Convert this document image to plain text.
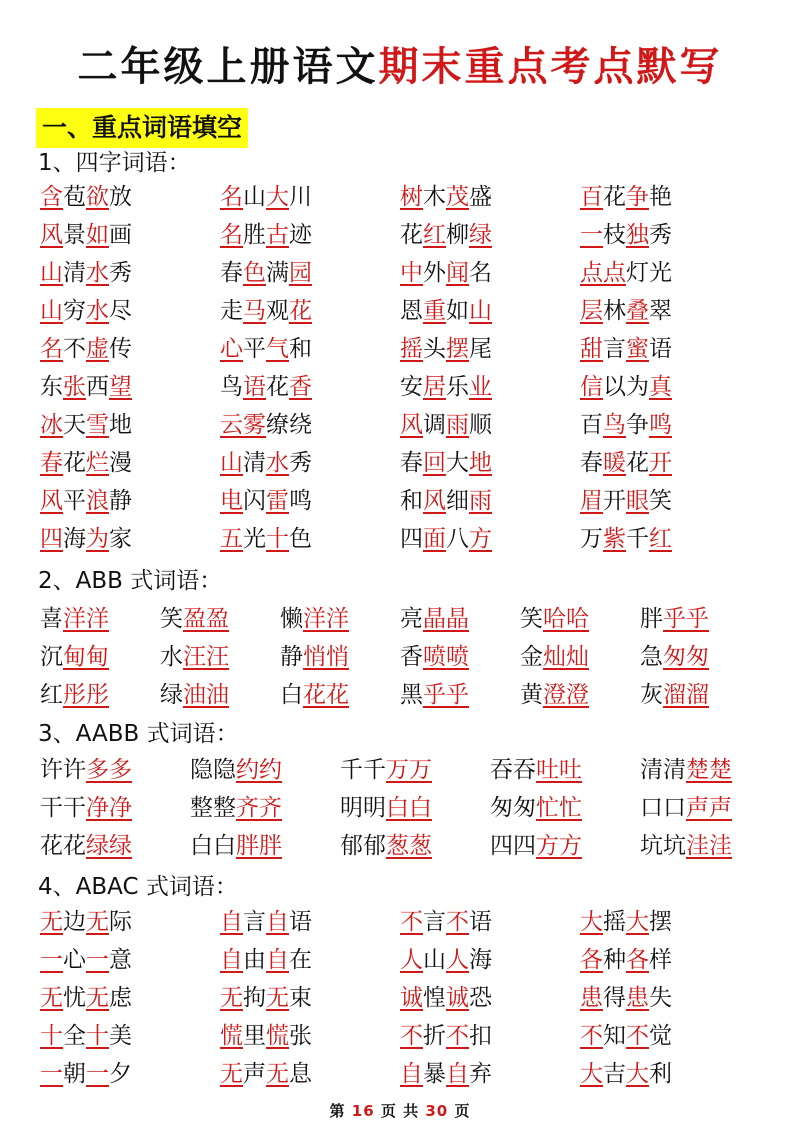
二年级上册语文期末重点考点默写
一、重点词语填空
1、四字词语：
含苞欲放	名山大川	树木茂盛	百花争艳
风景如画	名胜古迹	花红柳绿	一枝独秀
山清水秀	春色满园	中外闻名	点点灯光
山穷水尽	走马观花	恩重如山	层林叠翠
名不虚传	心平气和	摇头摆尾	甜言蜜语
东张西望	鸟语花香	安居乐业	信以为真
冰天雪地	云雾缭绕	风调雨顺	百鸟争鸣
春花烂漫	山清水秀	春回大地	春暖花开
风平浪静	电闪雷鸣	和风细雨	眉开眼笑
四海为家	五光十色	四面八方	万紫千红
2、ABB 式词语：
喜洋洋	笑盈盈	懒洋洋	亮晶晶	笑哈哈	胖乎乎
沉甸甸	水汪汪	静悄悄	香喷喷	金灿灿	急匆匆
红彤彤	绿油油	白花花	黑乎乎	黄澄澄	灰溜溜
3、AABB 式词语：
许许多多	隐隐约约	千千万万	吞吞吐吐	清清楚楚
干干净净	整整齐齐	明明白白	匆匆忙忙	口口声声
花花绿绿	白白胖胖	郁郁葱葱	四四方方	坑坑洼洼
4、ABAC 式词语：
无边无际	自言自语	不言不语	大摇大摆
一心一意	自由自在	人山人海	各种各样
无忧无虑	无拘无束	诚惶诚恐	患得患失
十全十美	慌里慌张	不折不扣	不知不觉
一朝一夕	无声无息	自暴自弃	大吉大利
第 16 页 共 30 页
